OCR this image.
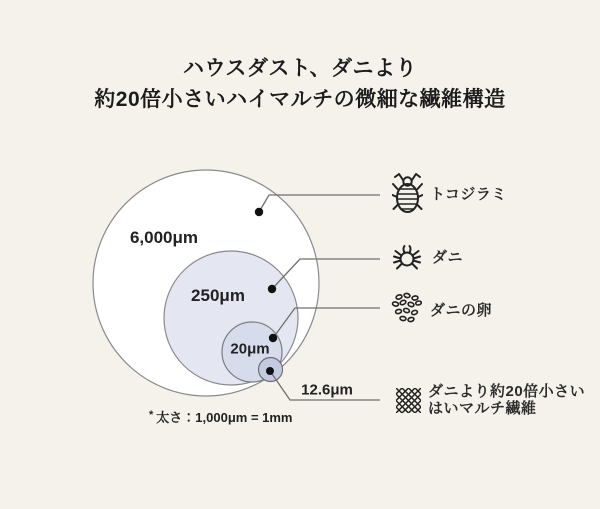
ハウスダスト、ダニより
約20倍小さいハイマルチの微細な繊維構造
6,000μm
250μm
20μm
12.6μm
* 太さ：1,000μm = 1mm
トコジラミ
ダニ
ダニの卵
ダニより約20倍小さい
はいマルチ繊維
